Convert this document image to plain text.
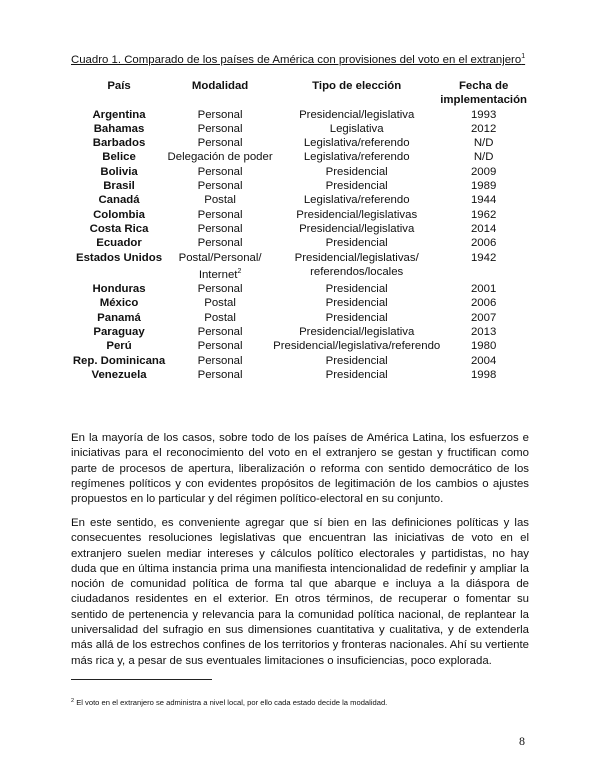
Cuadro 1. Comparado de los países de América con provisiones del voto en el extranjero$^1$
País	Modalidad	Tipo de elección	Fecha de implementación
Argentina	Personal	Presidencial/legislativa	1993
Bahamas	Personal	Legislativa	2012
Barbados	Personal	Legislativa/referendo	N/D
Belice	Delegación de poder	Legislativa/referendo	N/D
Bolivia	Personal	Presidencial	2009
Brasil	Personal	Presidencial	1989
Canadá	Postal	Legislativa/referendo	1944
Colombia	Personal	Presidencial/legislativas	1962
Costa Rica	Personal	Presidencial/legislativa	2014
Ecuador	Personal	Presidencial	2006
Estados Unidos	Postal/Personal/ Internet$^2$	Presidencial/legislativas/ referendos/locales	1942
Honduras	Personal	Presidencial	2001
México	Postal	Presidencial	2006
Panamá	Postal	Presidencial	2007
Paraguay	Personal	Presidencial/legislativa	2013
Perú	Personal	Presidencial/legislativa/referendo	1980
Rep. Dominicana	Personal	Presidencial	2004
Venezuela	Personal	Presidencial	1998

En la mayoría de los casos, sobre todo de los países de América Latina, los esfuerzos e iniciativas para el reconocimiento del voto en el extranjero se gestan y fructifican como parte de procesos de apertura, liberalización o reforma con sentido democrático de los regímenes políticos y con evidentes propósitos de legitimación de los cambios o ajustes propuestos en lo particular y del régimen político-electoral en su conjunto.

En este sentido, es conveniente agregar que sí bien en las definiciones políticas y las consecuentes resoluciones legislativas que encuentran las iniciativas de voto en el extranjero suelen mediar intereses y cálculos político electorales y partidistas, no hay duda que en última instancia prima una manifiesta intencionalidad de redefinir y ampliar la noción de comunidad política de forma tal que abarque e incluya a la diáspora de ciudadanos residentes en el exterior. En otros términos, de recuperar o fomentar su sentido de pertenencia y relevancia para la comunidad política nacional, de replantear la universalidad del sufragio en sus dimensiones cuantitativa y cualitativa, y de extenderla más allá de los estrechos confines de los territorios y fronteras nacionales. Ahí su vertiente más rica y, a pesar de sus eventuales limitaciones o insuficiencias, poco explorada.

$^2$ El voto en el extranjero se administra a nivel local, por ello cada estado decide la modalidad.
8
